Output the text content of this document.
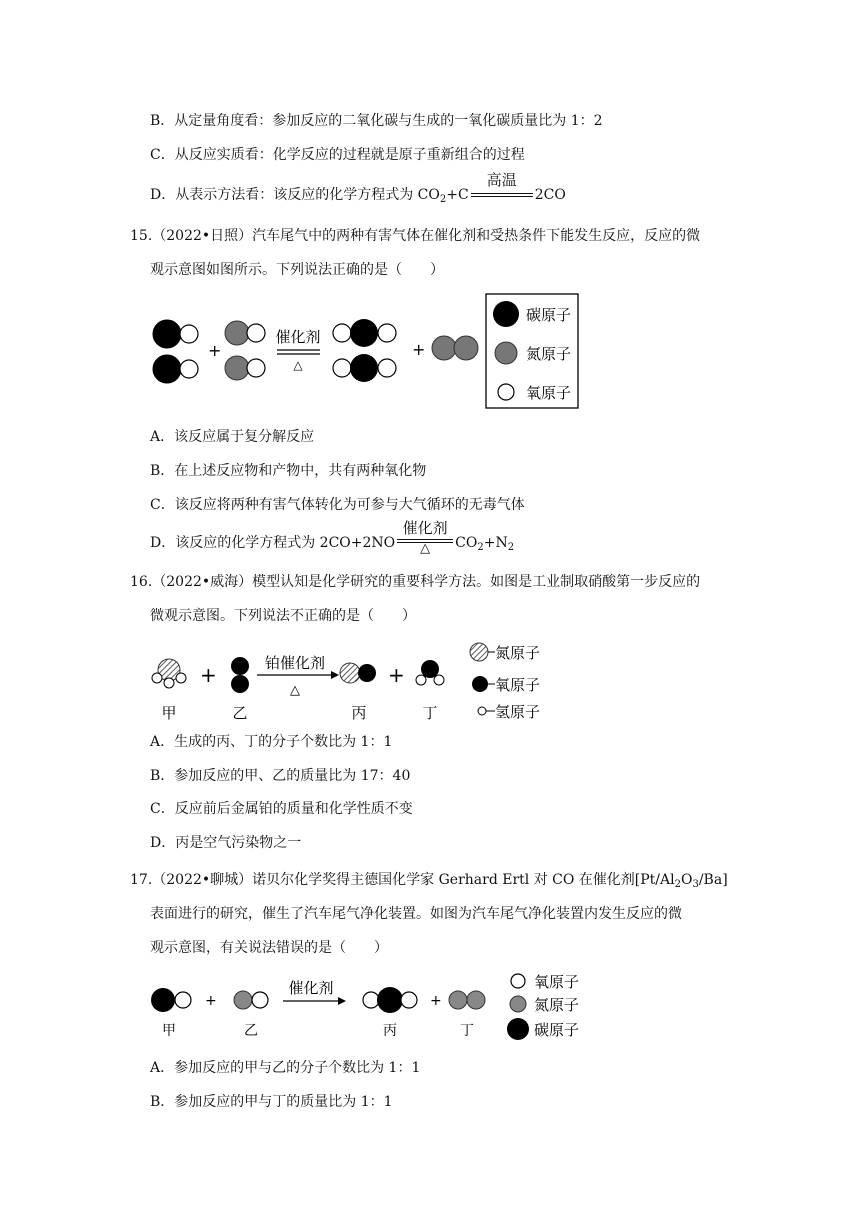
B．从定量角度看：参加反应的二氧化碳与生成的一氧化碳质量比为 1：2
C．从反应实质看：化学反应的过程就是原子重新组合的过程
D．从表示方法看：该反应的化学方程式为 $CO_2+C$
高温
2CO
15.（2022•日照）汽车尾气中的两种有害气体在催化剂和受热条件下能发生反应，反应的微
观示意图如图所示。下列说法正确的是（　　）
+
催化剂
△
+
碳原子
氮原子
氧原子
A．该反应属于复分解反应
B．在上述反应物和产物中，共有两种氧化物
C．该反应将两种有害气体转化为可参与大气循环的无毒气体
D．该反应的化学方程式为 2CO+2NO
催化剂
△	$CO_2+N_2$
16.（2022•威海）模型认知是化学研究的重要科学方法。如图是工业制取硝酸第一步反应的
微观示意图。下列说法不正确的是（　　）
甲
+
乙
铂催化剂
△
丙
+
丁
氮原子
氧原子
氢原子
A．生成的丙、丁的分子个数比为 1：1
B．参加反应的甲、乙的质量比为 17：40
C．反应前后金属铂的质量和化学性质不变
D．丙是空气污染物之一
17.（2022•聊城）诺贝尔化学奖得主德国化学家 Gerhard Ertl 对 CO 在催化剂$[Pt/Al_2O_3/Ba]$
表面进行的研究，催生了汽车尾气净化装置。如图为汽车尾气净化装置内发生反应的微
观示意图，有关说法错误的是（　　）
甲
+
乙
催化剂
丙
+
丁
氧原子
氮原子
碳原子
A．参加反应的甲与乙的分子个数比为 1：1
B．参加反应的甲与丁的质量比为 1：1
